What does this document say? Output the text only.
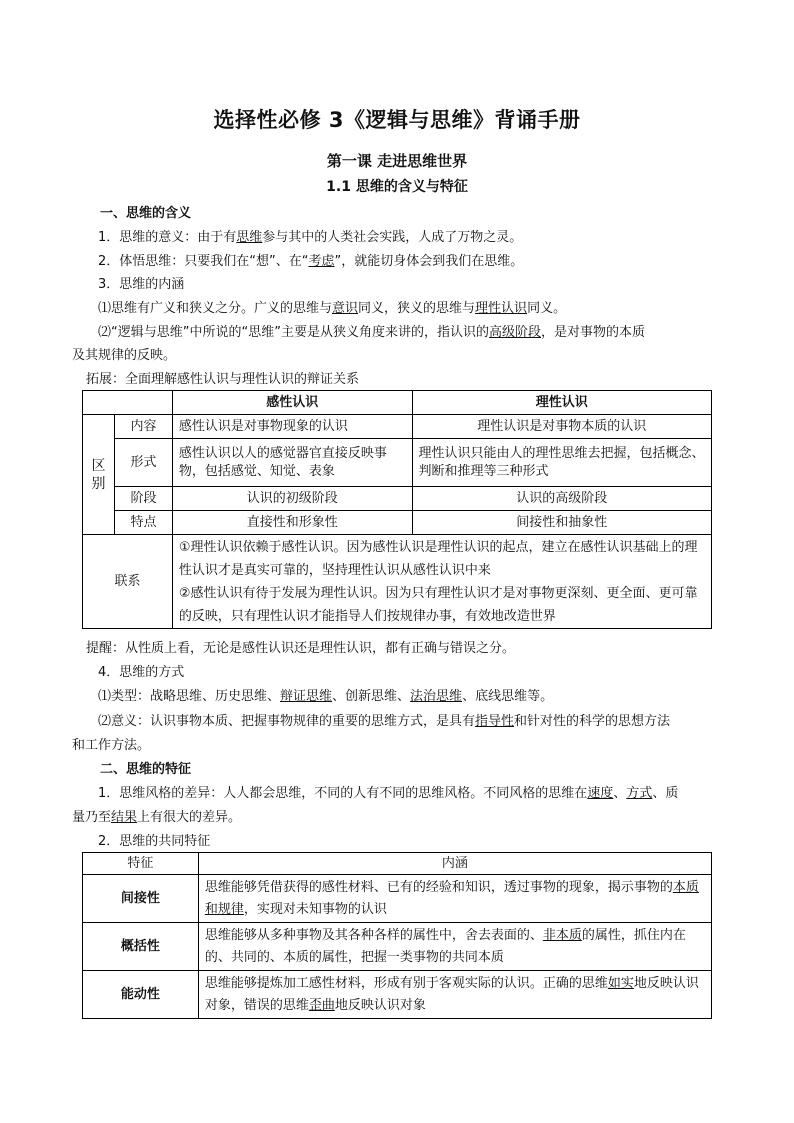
选择性必修 3《逻辑与思维》背诵手册
第一课 走进思维世界
1.1 思维的含义与特征
一、思维的含义
1．思维的意义：由于有思维参与其中的人类社会实践，人成了万物之灵。
2．体悟思维：只要我们在“想”、在“考虑”，就能切身体会到我们在思维。
3．思维的内涵
⑴思维有广义和狭义之分。广义的思维与意识同义，狭义的思维与理性认识同义。
⑵“逻辑与思维”中所说的“思维”主要是从狭义角度来讲的，指认识的高级阶段，是对事物的本质
及其规律的反映。
拓展：全面理解感性认识与理性认识的辩证关系
		感性认识	理性认识
区
别	内容	感性认识是对事物现象的认识	理性认识是对事物本质的认识
	形式	感性认识以人的感觉器官直接反映事物，包括感觉、知觉、表象	理性认识只能由人的理性思维去把握，包括概念、判断和推理等三种形式
	阶段	认识的初级阶段	认识的高级阶段
	特点	直接性和形象性	间接性和抽象性
联系		①理性认识依赖于感性认识。因为感性认识是理性认识的起点，建立在感性认识基础上的理性认识才是真实可靠的，坚持理性认识从感性认识中来
②感性认识有待于发展为理性认识。因为只有理性认识才是对事物更深刻、更全面、更可靠的反映，只有理性认识才能指导人们按规律办事，有效地改造世界	
提醒：从性质上看，无论是感性认识还是理性认识，都有正确与错误之分。
4．思维的方式
⑴类型：战略思维、历史思维、辩证思维、创新思维、法治思维、底线思维等。
⑵意义：认识事物本质、把握事物规律的重要的思维方式，是具有指导性和针对性的科学的思想方法
和工作方法。
二、思维的特征
1．思维风格的差异：人人都会思维，不同的人有不同的思维风格。不同风格的思维在速度、方式、质
量乃至结果上有很大的差异。
2．思维的共同特征
特征	内涵
间接性	思维能够凭借获得的感性材料、已有的经验和知识，透过事物的现象，揭示事物的本质和规律，实现对未知事物的认识
概括性	思维能够从多种事物及其各种各样的属性中，舍去表面的、非本质的属性，抓住内在的、共同的、本质的属性，把握一类事物的共同本质
能动性	思维能够提炼加工感性材料，形成有别于客观实际的认识。正确的思维如实地反映认识对象，错误的思维歪曲地反映认识对象
